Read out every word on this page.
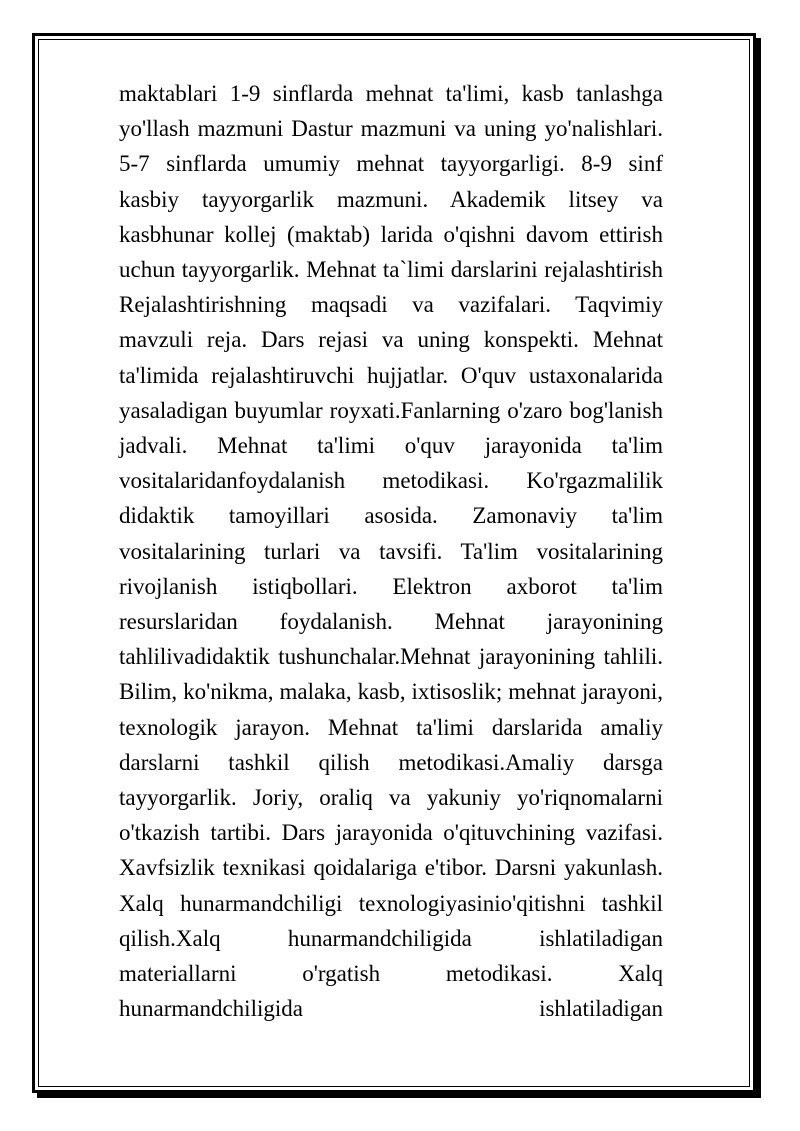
maktablari 1-9 sinflarda mehnat ta'limi, kasb tanlashga yo'llash mazmuni Dastur mazmuni va uning yo'nalishlari. 5-7 sinflarda umumiy mehnat tayyorgarligi. 8-9 sinf kasbiy tayyorgarlik mazmuni. Akademik litsey va kasbhunar kollej (maktab) larida o'qishni davom ettirish uchun tayyorgarlik. Mehnat ta`limi darslarini rejalashtirish Rejalashtirishning maqsadi va vazifalari. Taqvimiy mavzuli reja. Dars rejasi va uning konspekti. Mehnat ta'limida rejalashtiruvchi hujjatlar. O'quv ustaxonalarida yasaladigan buyumlar royxati.Fanlarning o'zaro bog'lanish jadvali. Mehnat ta'limi o'quv jarayonida ta'lim vositalaridanfoydalanish metodikasi. Ko'rgazmalilik didaktik tamoyillari asosida. Zamonaviy ta'lim vositalarining turlari va tavsifi. Ta'lim vositalarining rivojlanish istiqbollari. Elektron axborot ta'lim resurslaridan foydalanish. Mehnat jarayonining tahlilivadidaktik tushunchalar.Mehnat jarayonining tahlili. Bilim, ko'nikma, malaka, kasb, ixtisoslik; mehnat jarayoni, texnologik jarayon. Mehnat ta'limi darslarida amaliy darslarni tashkil qilish metodikasi.Amaliy darsga tayyorgarlik. Joriy, oraliq va yakuniy yo'riqnomalarni o'tkazish tartibi. Dars jarayonida o'qituvchining vazifasi. Xavfsizlik texnikasi qoidalariga e'tibor. Darsni yakunlash. Xalq hunarmandchiligi texnologiyasinio'qitishni tashkil qilish.Xalq hunarmandchiligida ishlatiladigan materiallarni o'rgatish metodikasi. Xalq hunarmandchiligida ishlatiladigan
